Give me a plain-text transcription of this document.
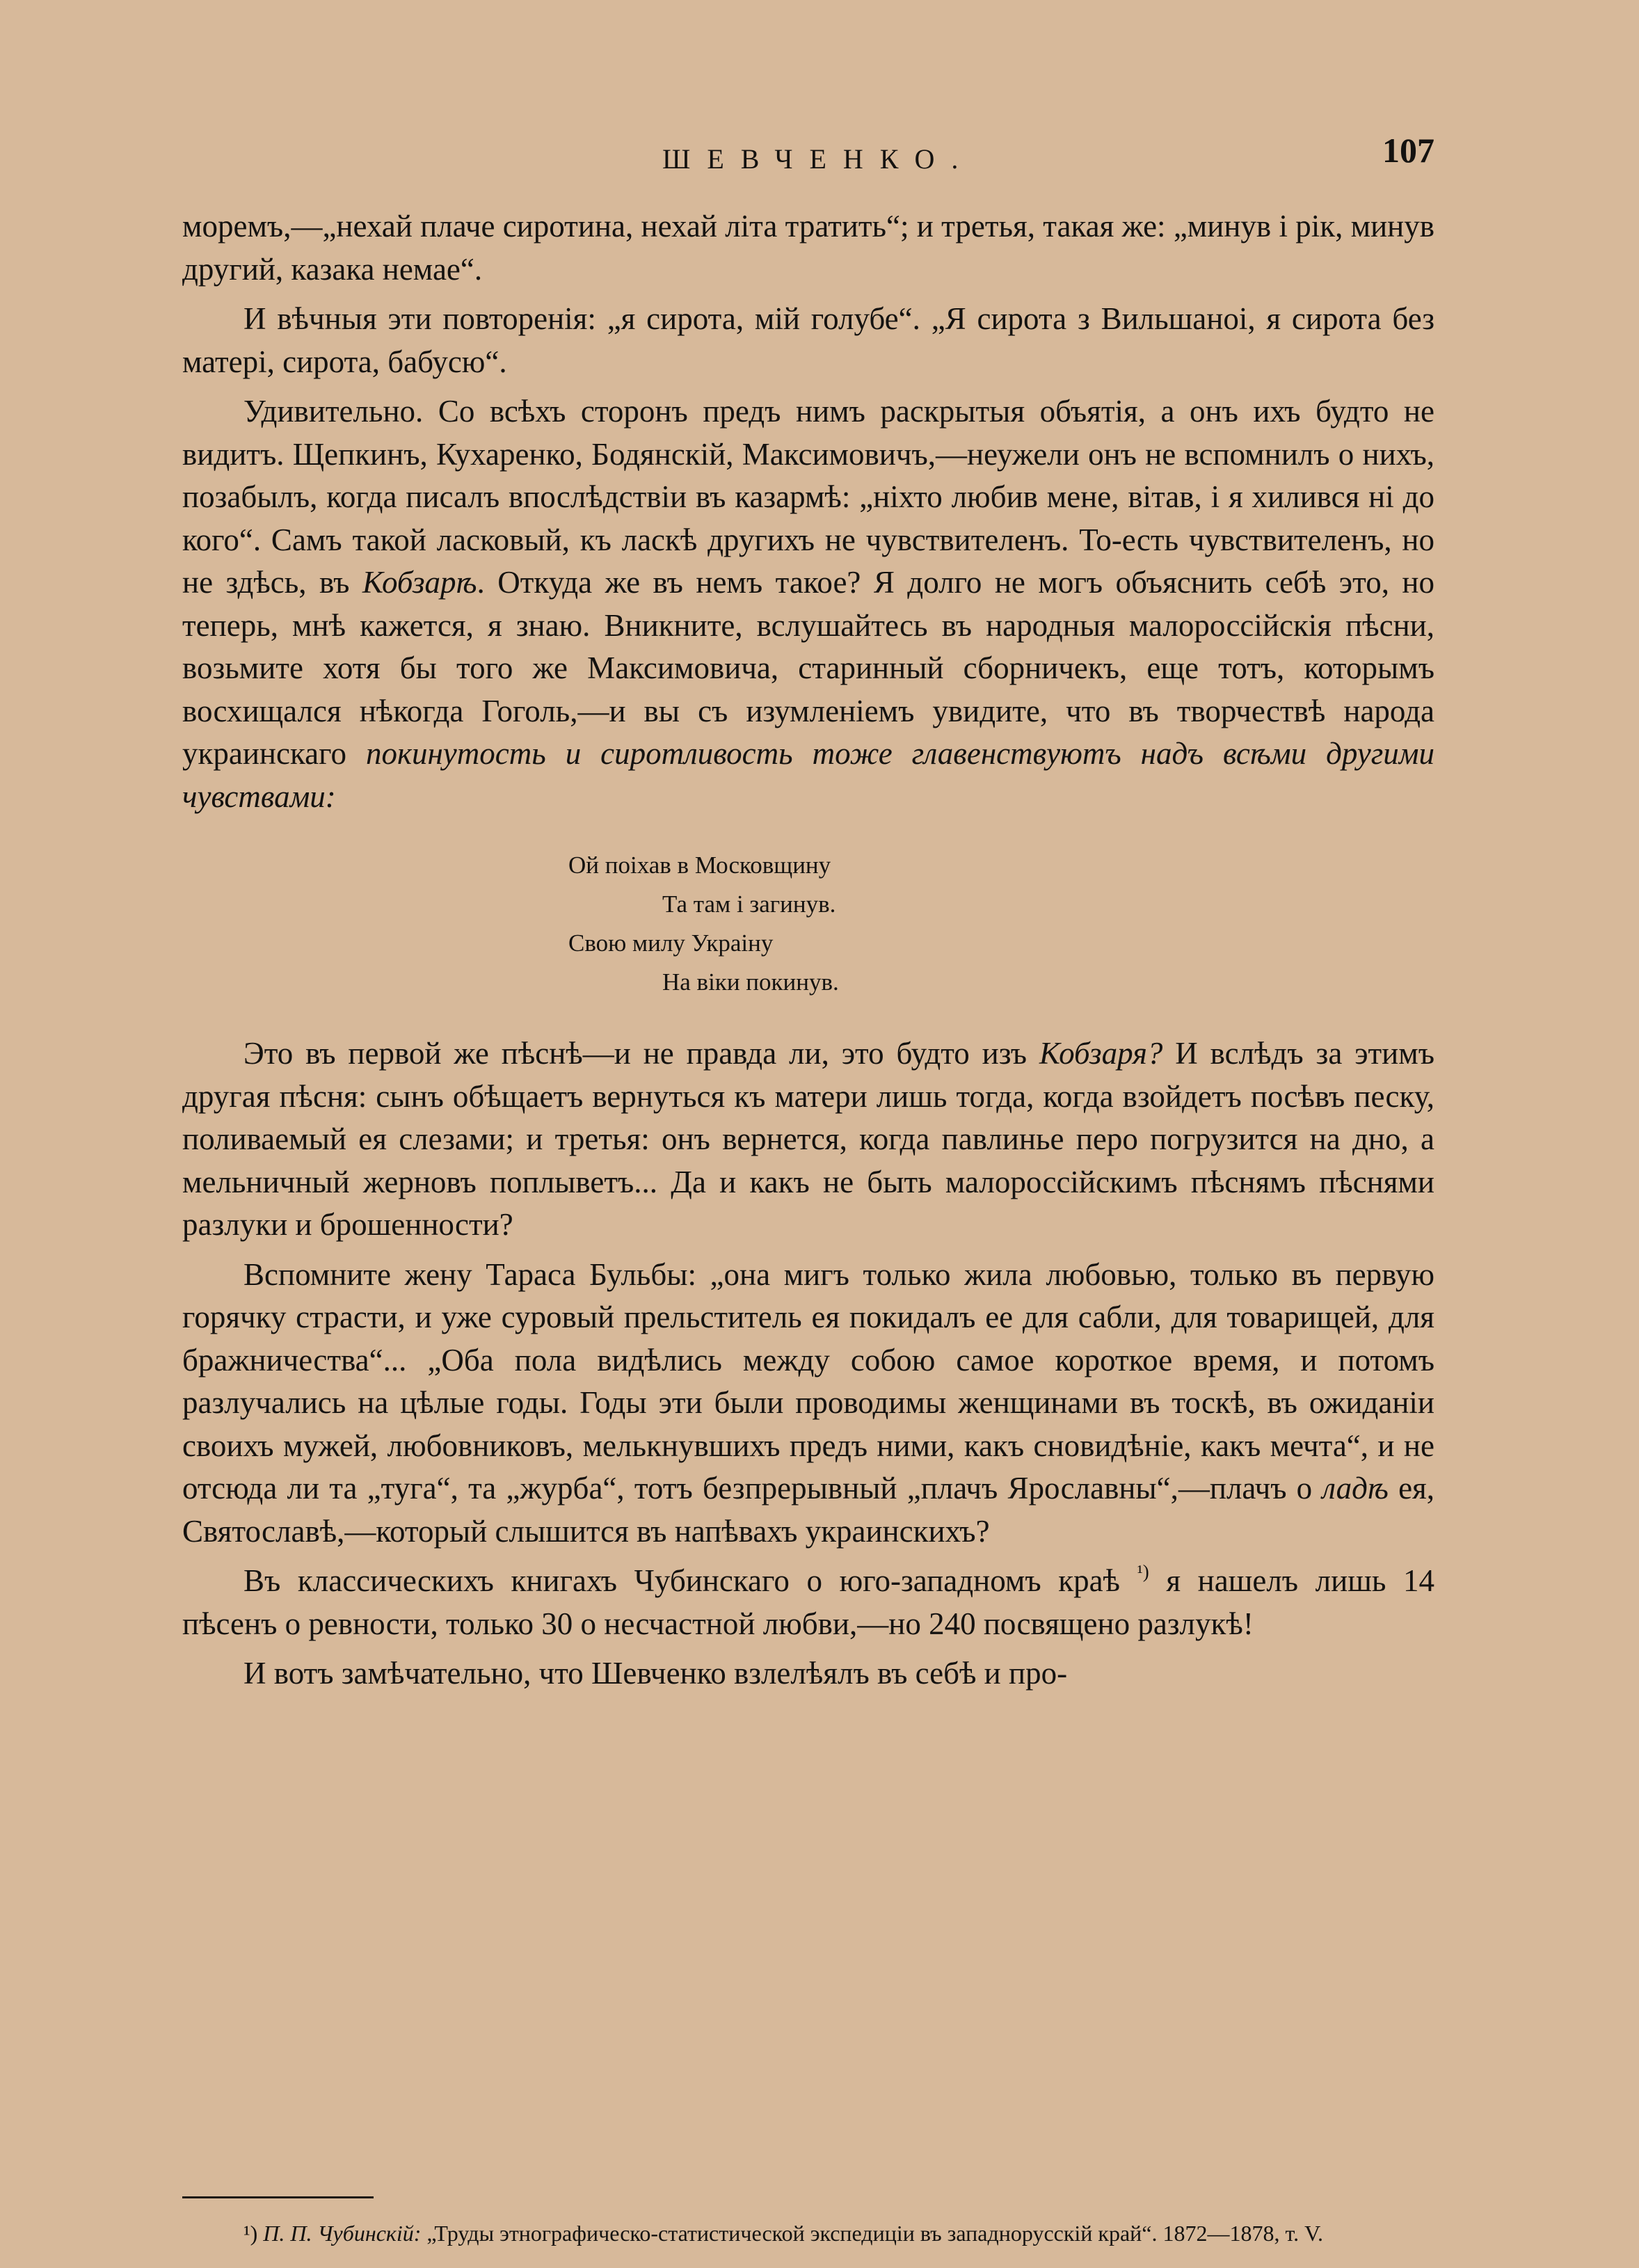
ШЕВЧЕНКО.	107

моремъ,—„нехай плаче сиротина, нехай літа тратить“; и третья, такая же: „минув і рік, минув другий, казака немае“.

И вѣчныя эти повторенія: „я сирота, мій голубе“. „Я сирота з Вильшаноі, я сирота без матері, сирота, бабусю“.

Удивительно. Со всѣхъ сторонъ предъ нимъ раскрытыя объятія, а онъ ихъ будто не видитъ. Щепкинъ, Кухаренко, Бодянскій, Максимовичъ,—неужели онъ не вспомнилъ о нихъ, позабылъ, когда писалъ впослѣдствіи въ казармѣ: „ніхто любив мене, вітав, і я хилився ні до кого“. Самъ такой ласковый, къ ласкѣ другихъ не чувствителенъ. То-есть чувствителенъ, но не здѣсь, въ Кобзарѣ. Откуда же въ немъ такое? Я долго не могъ объяснить себѣ это, но теперь, мнѣ кажется, я знаю. Вникните, вслушайтесь въ народныя малороссійскія пѣсни, возьмите хотя бы того же Максимовича, старинный сборничекъ, еще тотъ, которымъ восхищался нѣкогда Гоголь,—и вы съ изумленіемъ увидите, что въ творчествѣ народа украинскаго покинутость и сиротливость тоже главенствуютъ надъ всѣми другими чувствами:

Ой поіхав в Московщину
Та там і загинув.
Свою милу Украіну
На віки покинув.

Это въ первой же пѣснѣ—и не правда ли, это будто изъ Кобзаря? И вслѣдъ за этимъ другая пѣсня: сынъ обѣщаетъ вернуться къ матери лишь тогда, когда взойдетъ посѣвъ песку, поливаемый ея слезами; и третья: онъ вернется, когда павлинье перо погрузится на дно, а мельничный жерновъ поплыветъ... Да и какъ не быть малороссійскимъ пѣснямъ пѣснями разлуки и брошенности?

Вспомните жену Тараса Бульбы: „она мигъ только жила любовью, только въ первую горячку страсти, и уже суровый прельститель ея покидалъ ее для сабли, для товарищей, для бражничества“... „Оба пола видѣлись между собою самое короткое время, и потомъ разлучались на цѣлые годы. Годы эти были проводимы женщинами въ тоскѣ, въ ожиданіи своихъ мужей, любовниковъ, мелькнувшихъ предъ ними, какъ сновидѣніе, какъ мечта“, и не отсюда ли та „туга“, та „журба“, тотъ безпрерывный „плачъ Ярославны“,—плачъ о ладѣ ея, Святославѣ,—который слышится въ напѣвахъ украинскихъ?

Въ классическихъ книгахъ Чубинскаго о юго-западномъ краѣ $^{^1)}$ я нашелъ лишь 14 пѣсенъ о ревности, только 30 о несчастной любви,—но 240 посвящено разлукѣ!

И вотъ замѣчательно, что Шевченко взлелѣялъ въ себѣ и про-

¹) П. П. Чубинскій: „Труды этнографическо-статистической экспедиціи въ западнорусскій край“. 1872—1878, т. V.
